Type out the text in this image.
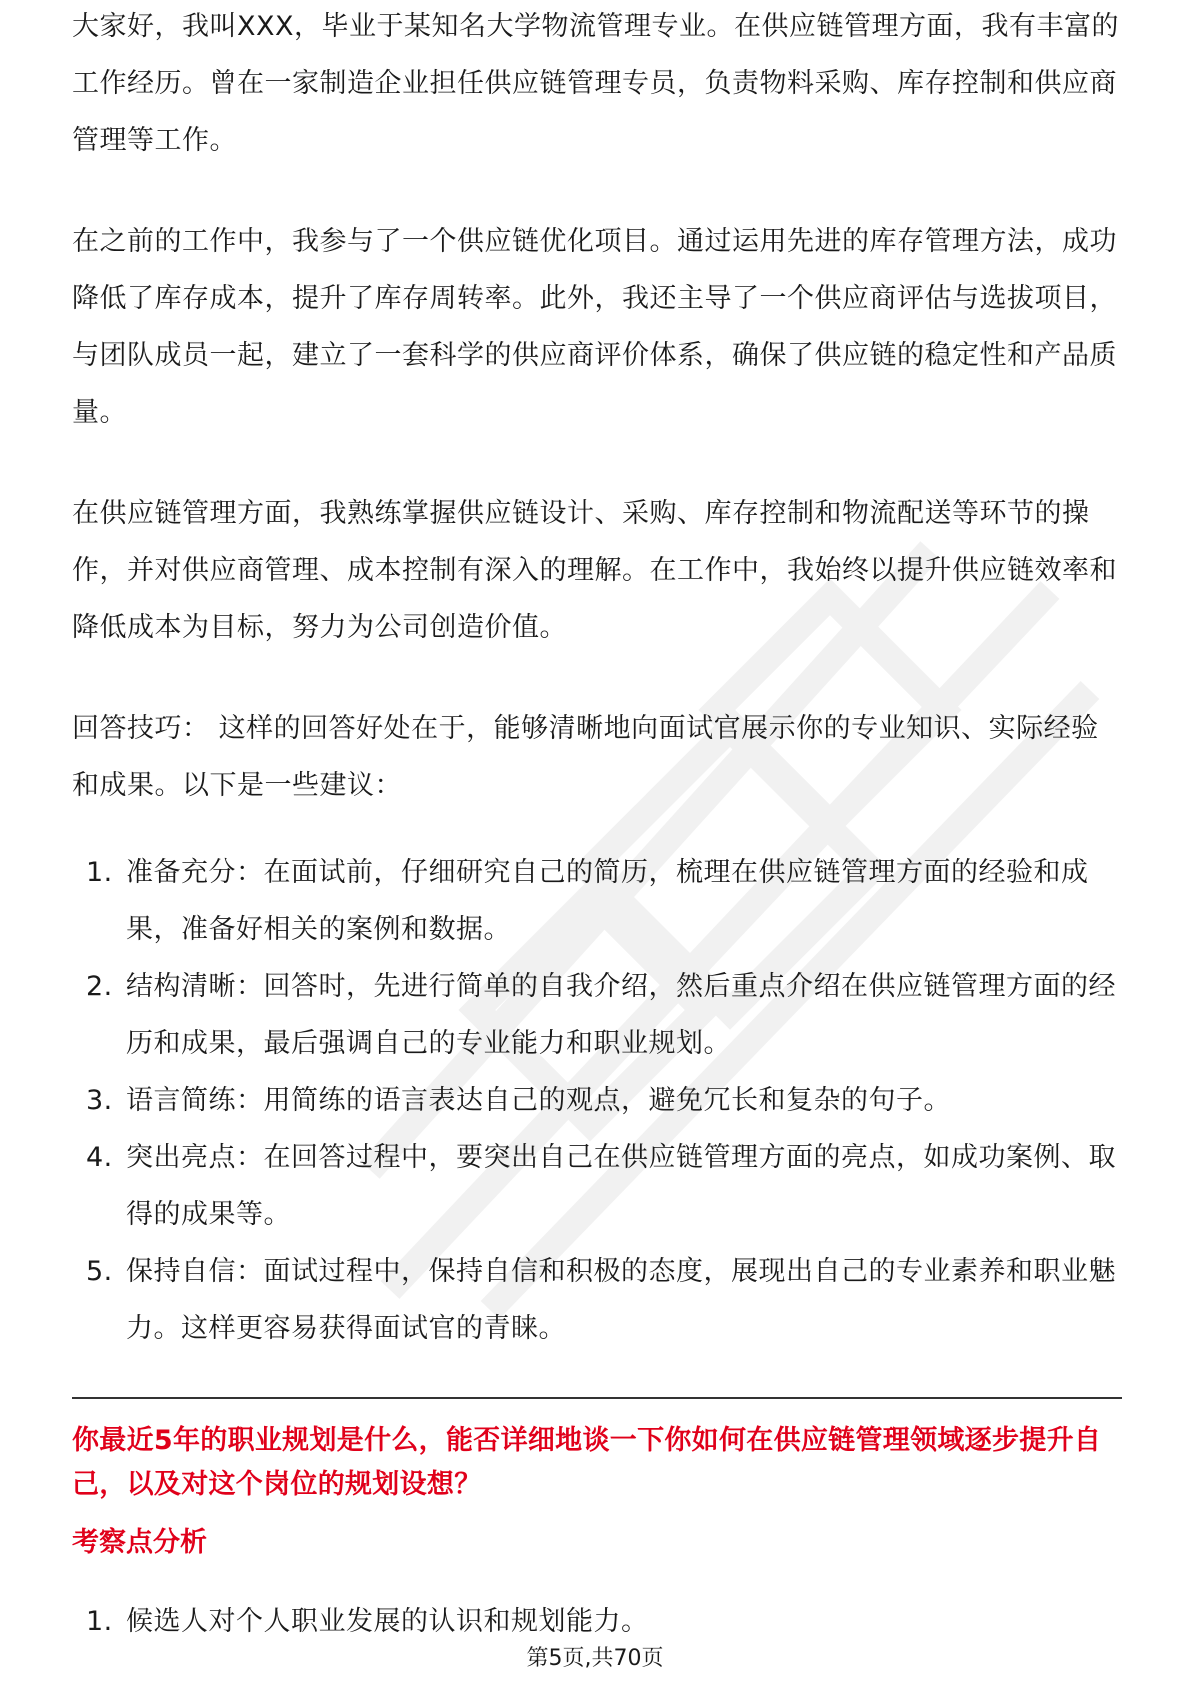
大家好，我叫XXX，毕业于某知名大学物流管理专业。在供应链管理方面，我有丰富的工作经历。曾在一家制造企业担任供应链管理专员，负责物料采购、库存控制和供应商管理等工作。

在之前的工作中，我参与了一个供应链优化项目。通过运用先进的库存管理方法，成功降低了库存成本，提升了库存周转率。此外，我还主导了一个供应商评估与选拔项目，与团队成员一起，建立了一套科学的供应商评价体系，确保了供应链的稳定性和产品质量。

在供应链管理方面，我熟练掌握供应链设计、采购、库存控制和物流配送等环节的操作，并对供应商管理、成本控制有深入的理解。在工作中，我始终以提升供应链效率和降低成本为目标，努力为公司创造价值。

回答技巧： 这样的回答好处在于，能够清晰地向面试官展示你的专业知识、实际经验和成果。以下是一些建议：

1. 准备充分：在面试前，仔细研究自己的简历，梳理在供应链管理方面的经验和成果，准备好相关的案例和数据。
2. 结构清晰：回答时，先进行简单的自我介绍，然后重点介绍在供应链管理方面的经历和成果，最后强调自己的专业能力和职业规划。
3. 语言简练：用简练的语言表达自己的观点，避免冗长和复杂的句子。
4. 突出亮点：在回答过程中，要突出自己在供应链管理方面的亮点，如成功案例、取得的成果等。
5. 保持自信：面试过程中，保持自信和积极的态度，展现出自己的专业素养和职业魅力。这样更容易获得面试官的青睐。

你最近5年的职业规划是什么，能否详细地谈一下你如何在供应链管理领域逐步提升自己，以及对这个岗位的规划设想？

考察点分析

1. 候选人对个人职业发展的认识和规划能力。
第5页,共70页
